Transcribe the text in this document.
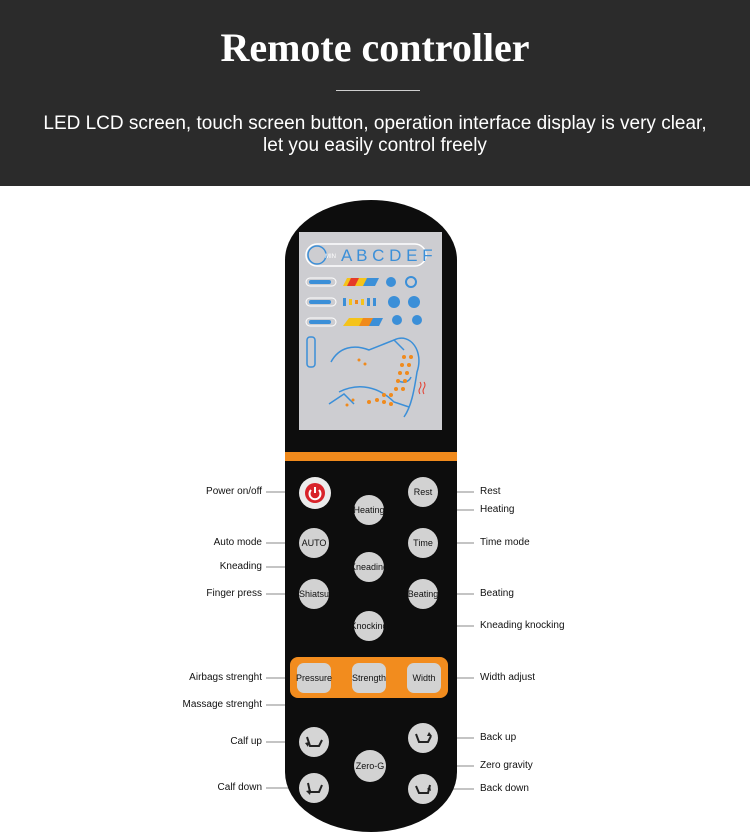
Remote controller
LED LCD screen, touch screen button, operation interface display is very clear,
let you easily control freely
MIN A B C D E F
Rest
Heating
AUTO	Time
Kneading
Shiatsu	Beating
Knocking
Pressure Strength	Width
Zero-G
Power on/off
Auto mode
Kneading
Finger press
Airbags strenght
Massage strenght
Calf up
Calf down
Rest
Heating
Time mode
Beating
Kneading knocking
Width adjust
Back up
Zero gravity
Back down
